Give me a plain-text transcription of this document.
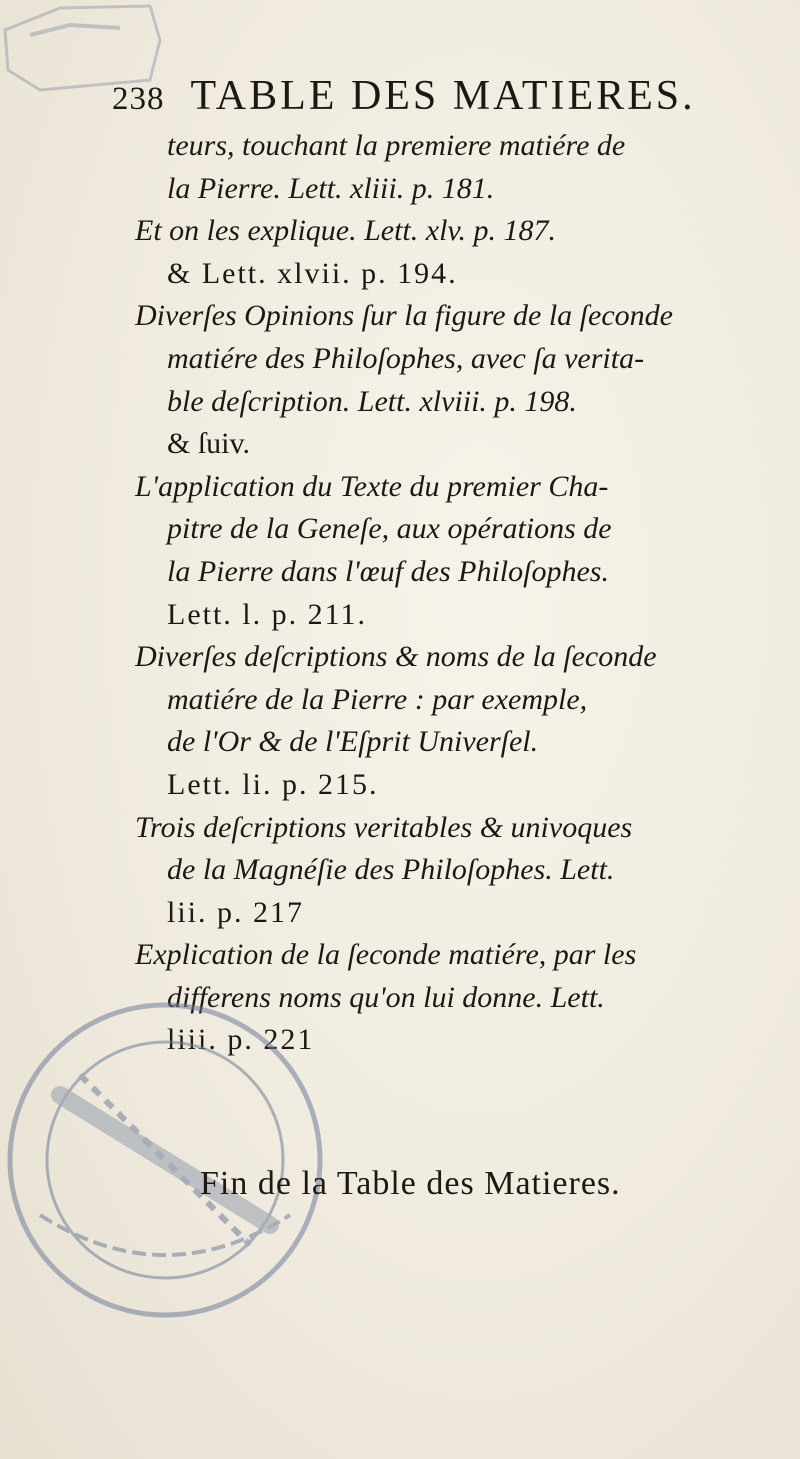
238 TABLE DES MATIERES.
teurs, touchant la premiere matiére de
la Pierre. Lett. xliii. p. 181.
Et on les explique. Lett. xlv. p. 187.
& Lett. xlvii. p. 194.
Diverſes Opinions ſur la figure de la ſeconde
matiére des Philoſophes, avec ſa verita-
ble deſcription. Lett. xlviii. p. 198.
& ſuiv.
L'application du Texte du premier Cha-
pitre de la Geneſe, aux opérations de
la Pierre dans l'œuf des Philoſophes.
Lett. l. p. 211.
Diverſes deſcriptions & noms de la ſeconde
matiére de la Pierre : par exemple,
de l'Or & de l'Eſprit Univerſel.
Lett. li. p. 215.
Trois deſcriptions veritables & univoques
de la Magnéſie des Philoſophes. Lett.
lii. p. 217
Explication de la ſeconde matiére, par les
differens noms qu'on lui donne. Lett.
liii. p. 221
Fin de la Table des Matieres.
